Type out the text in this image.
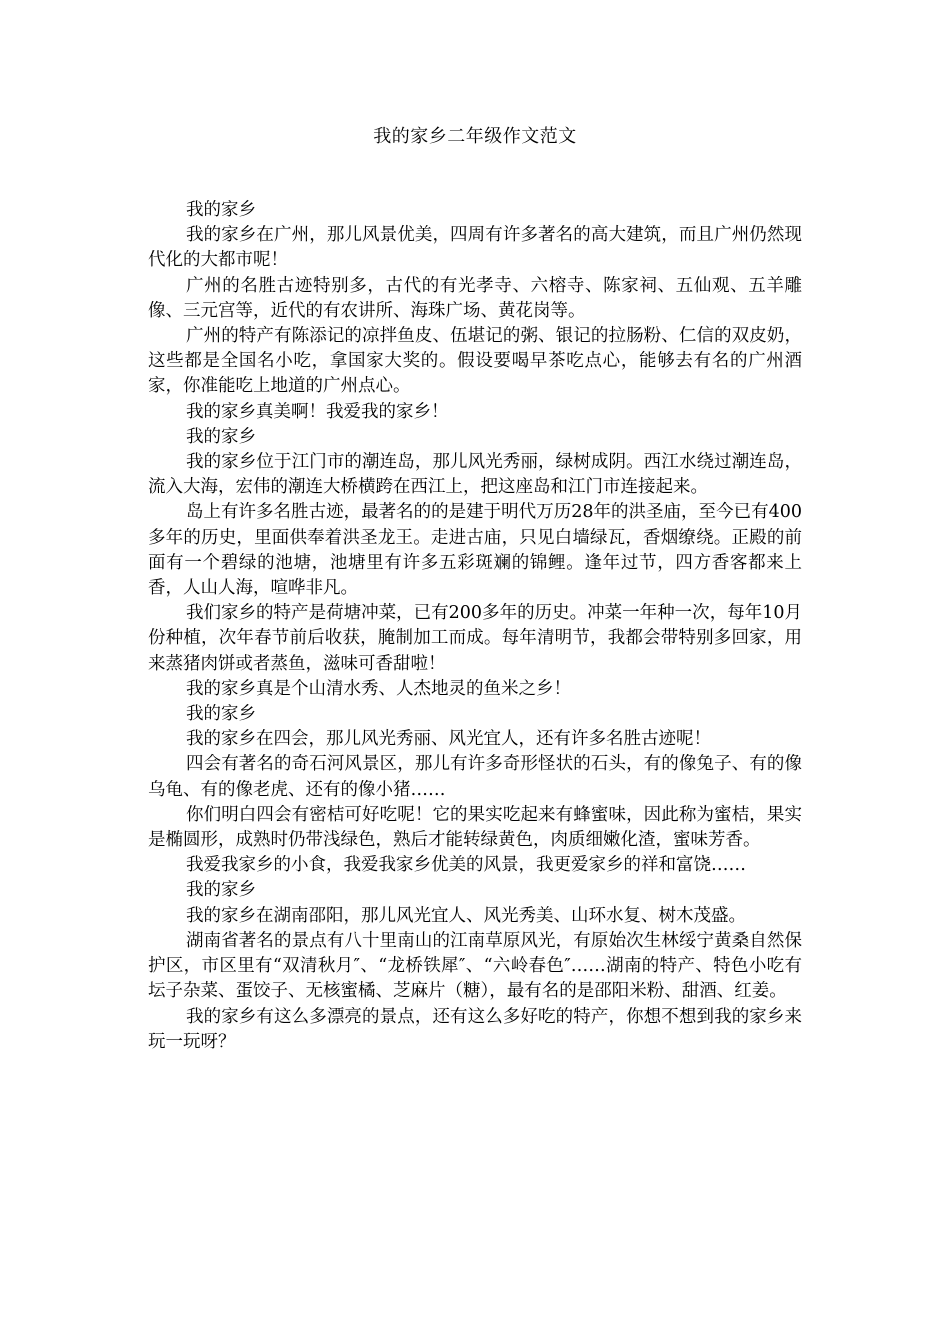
我的家乡二年级作文范文

我的家乡

我的家乡在广州，那儿风景优美，四周有许多著名的高大建筑，而且广州仍然现代化的大都市呢！

广州的名胜古迹特别多，古代的有光孝寺、六榕寺、陈家祠、五仙观、五羊雕像、三元宫等，近代的有农讲所、海珠广场、黄花岗等。

广州的特产有陈添记的凉拌鱼皮、伍堪记的粥、银记的拉肠粉、仁信的双皮奶，这些都是全国名小吃，拿国家大奖的。假设要喝早茶吃点心，能够去有名的广州酒家，你准能吃上地道的广州点心。

我的家乡真美啊！我爱我的家乡！

我的家乡

我的家乡位于江门市的潮连岛，那儿风光秀丽，绿树成阴。西江水绕过潮连岛，流入大海，宏伟的潮连大桥横跨在西江上，把这座岛和江门市连接起来。

岛上有许多名胜古迹，最著名的的是建于明代万历28年的洪圣庙，至今已有400多年的历史，里面供奉着洪圣龙王。走进古庙，只见白墙绿瓦，香烟缭绕。正殿的前面有一个碧绿的池塘，池塘里有许多五彩斑斓的锦鲤。逢年过节，四方香客都来上香，人山人海，喧哗非凡。

我们家乡的特产是荷塘冲菜，已有200多年的历史。冲菜一年种一次，每年10月份种植，次年春节前后收获，腌制加工而成。每年清明节，我都会带特别多回家，用来蒸猪肉饼或者蒸鱼，滋味可香甜啦！

我的家乡真是个山清水秀、人杰地灵的鱼米之乡！

我的家乡

我的家乡在四会，那儿风光秀丽、风光宜人，还有许多名胜古迹呢！

四会有著名的奇石河风景区，那儿有许多奇形怪状的石头，有的像兔子、有的像乌龟、有的像老虎、还有的像小猪……

你们明白四会有密桔可好吃呢！它的果实吃起来有蜂蜜味，因此称为蜜桔，果实是椭圆形，成熟时仍带浅绿色，熟后才能转绿黄色，肉质细嫩化渣，蜜味芳香。

我爱我家乡的小食，我爱我家乡优美的风景，我更爱家乡的祥和富饶……

我的家乡

我的家乡在湖南邵阳，那儿风光宜人、风光秀美、山环水复、树木茂盛。

湖南省著名的景点有八十里南山的江南草原风光，有原始次生林绥宁黄桑自然保护区，市区里有“双清秋月″、“龙桥铁犀″、“六岭春色″……湖南的特产、特色小吃有坛子杂菜、蛋饺子、无核蜜橘、芝麻片（糖），最有名的是邵阳米粉、甜酒、红姜。

我的家乡有这么多漂亮的景点，还有这么多好吃的特产，你想不想到我的家乡来玩一玩呀？
